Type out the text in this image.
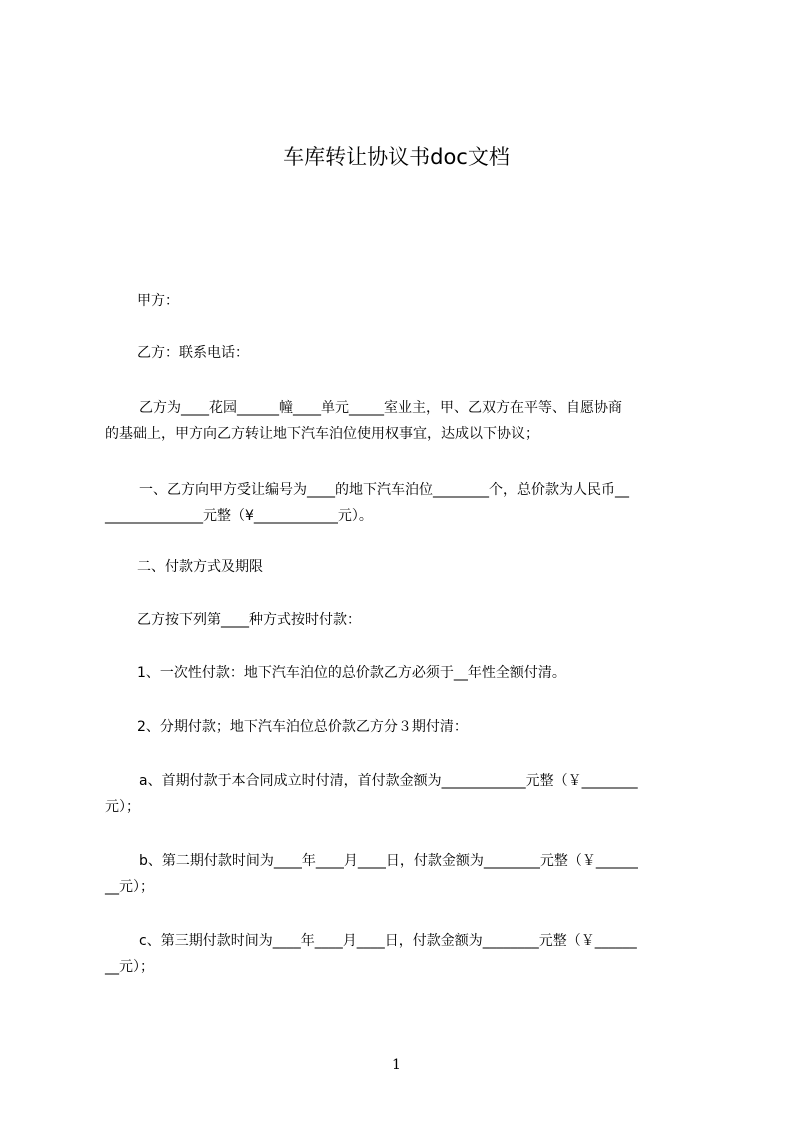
车库转让协议书doc文档
甲方：
乙方：联系电话：
乙方为____花园______幢____单元_____室业主，甲、乙双方在平等、自愿协商
的基础上，甲方向乙方转让地下汽车泊位使用权事宜，达成以下协议；
一、乙方向甲方受让编号为____的地下汽车泊位________个，总价款为人民币__
______________元整（¥____________元）。
二、付款方式及期限
乙方按下列第____种方式按时付款：
1、一次性付款：地下汽车泊位的总价款乙方必须于__年性全额付清。
2、分期付款；地下汽车泊位总价款乙方分３期付清：
a、首期付款于本合同成立时付清，首付款金额为____________元整（￥________
元）；
b、第二期付款时间为____年____月____日，付款金额为________元整（￥______
__元）；
c、第三期付款时间为____年____月____日，付款金额为________元整（￥______
__元）；
1
